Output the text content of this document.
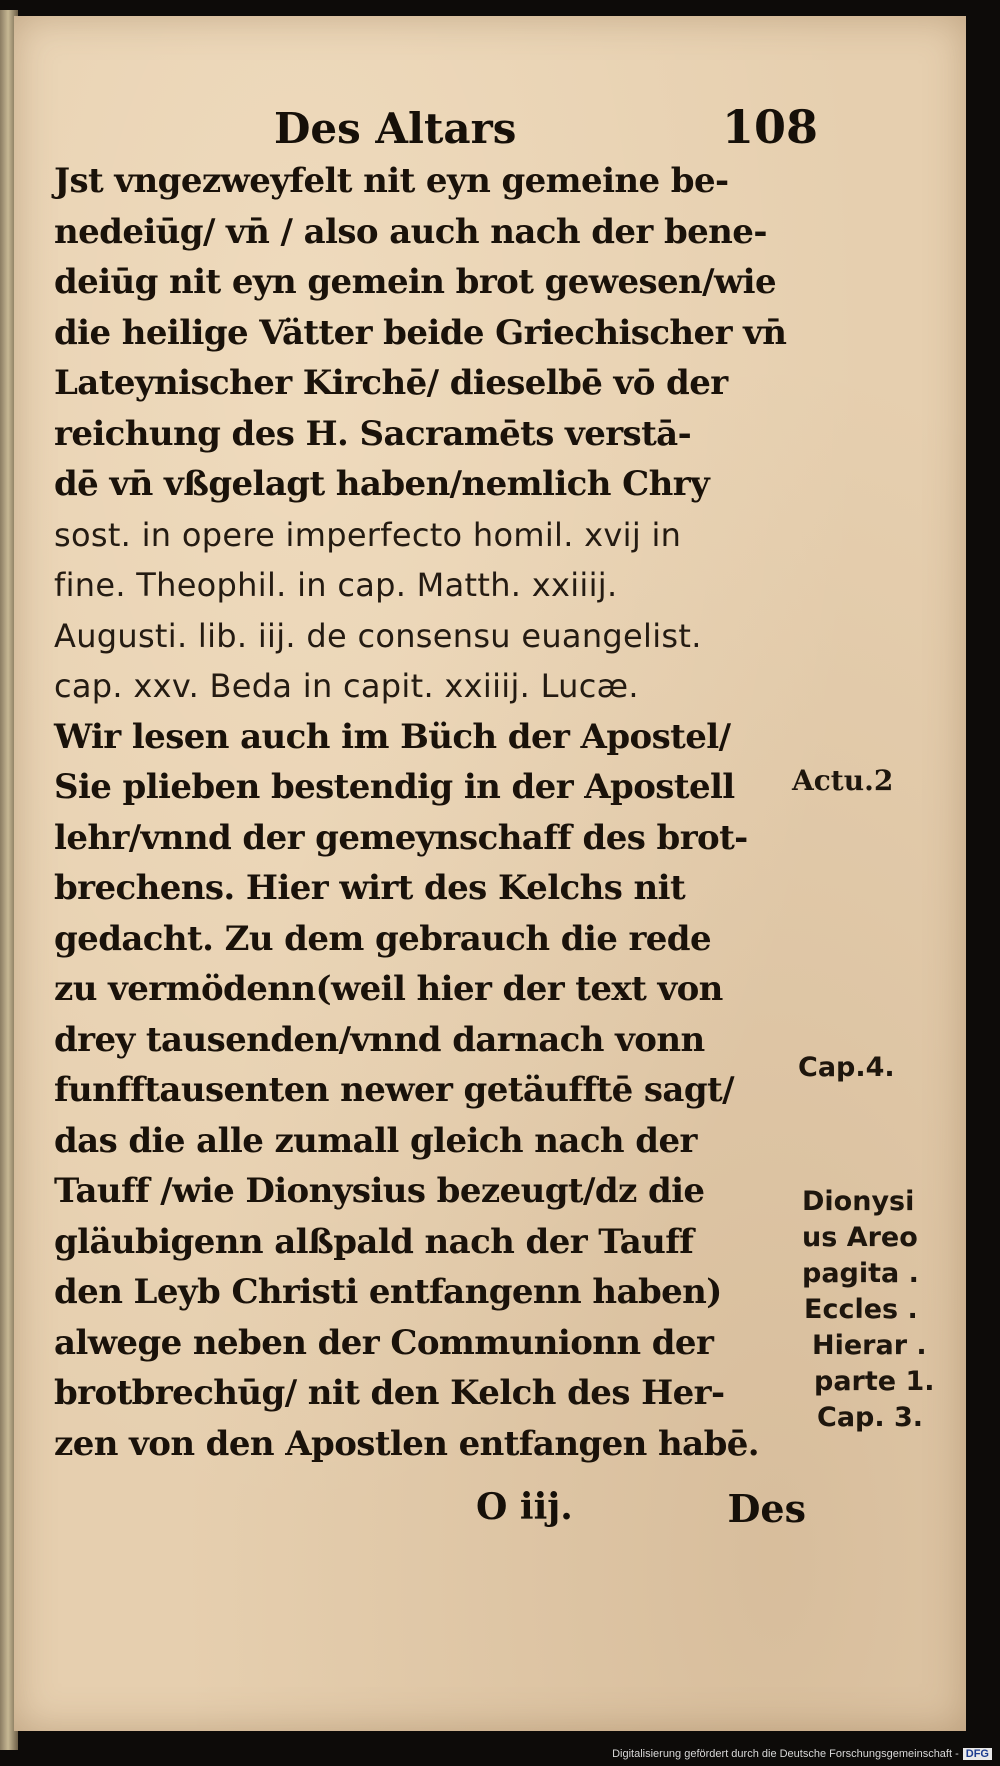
Des Altars	108
Jst vngezweyfelt nit eyn gemeine be-
nedeiūg/ vn̄ / also auch nach der bene-
deiūg nit eyn gemein brot gewesen/wie
die heilige Vätter beide Griechischer vn̄
Lateynischer Kirchē/ dieselbē vō der
reichung des H. Sacramēts verstā-
dē vn̄ vßgelagt haben/nemlich Chry
sost. in opere imperfecto homil. xvij in
fine. Theophil. in cap. Matth. xxiiij.
Augusti. lib. iij. de consensu euangelist.
cap. xxv. Beda in capit. xxiiij. Lucæ.
Wir lesen auch im Büch der Apostel/
Sie plieben bestendig in der Apostell
lehr/vnnd der gemeynschaff des brot-
brechens. Hier wirt des Kelchs nit
gedacht. Zu dem gebrauch die rede
zu vermödenn(weil hier der text von
drey tausenden/vnnd darnach vonn
funfftausenten newer getäufftē sagt/
das die alle zumall gleich nach der
Tauff /wie Dionysius bezeugt/dz die
gläubigenn alßpald nach der Tauff
den Leyb Christi entfangenn haben)
alwege neben der Communionn der
brotbrechūg/ nit den Kelch des Her-
zen von den Apostlen entfangen habē.
O iij.	Des
Actu.2
Cap.4.
Dionysi
us Areo
pagita .
Eccles .
Hierar .
parte 1.
Cap. 3.
Digitalisierung gefördert durch die Deutsche Forschungsgemeinschaft - DFG
